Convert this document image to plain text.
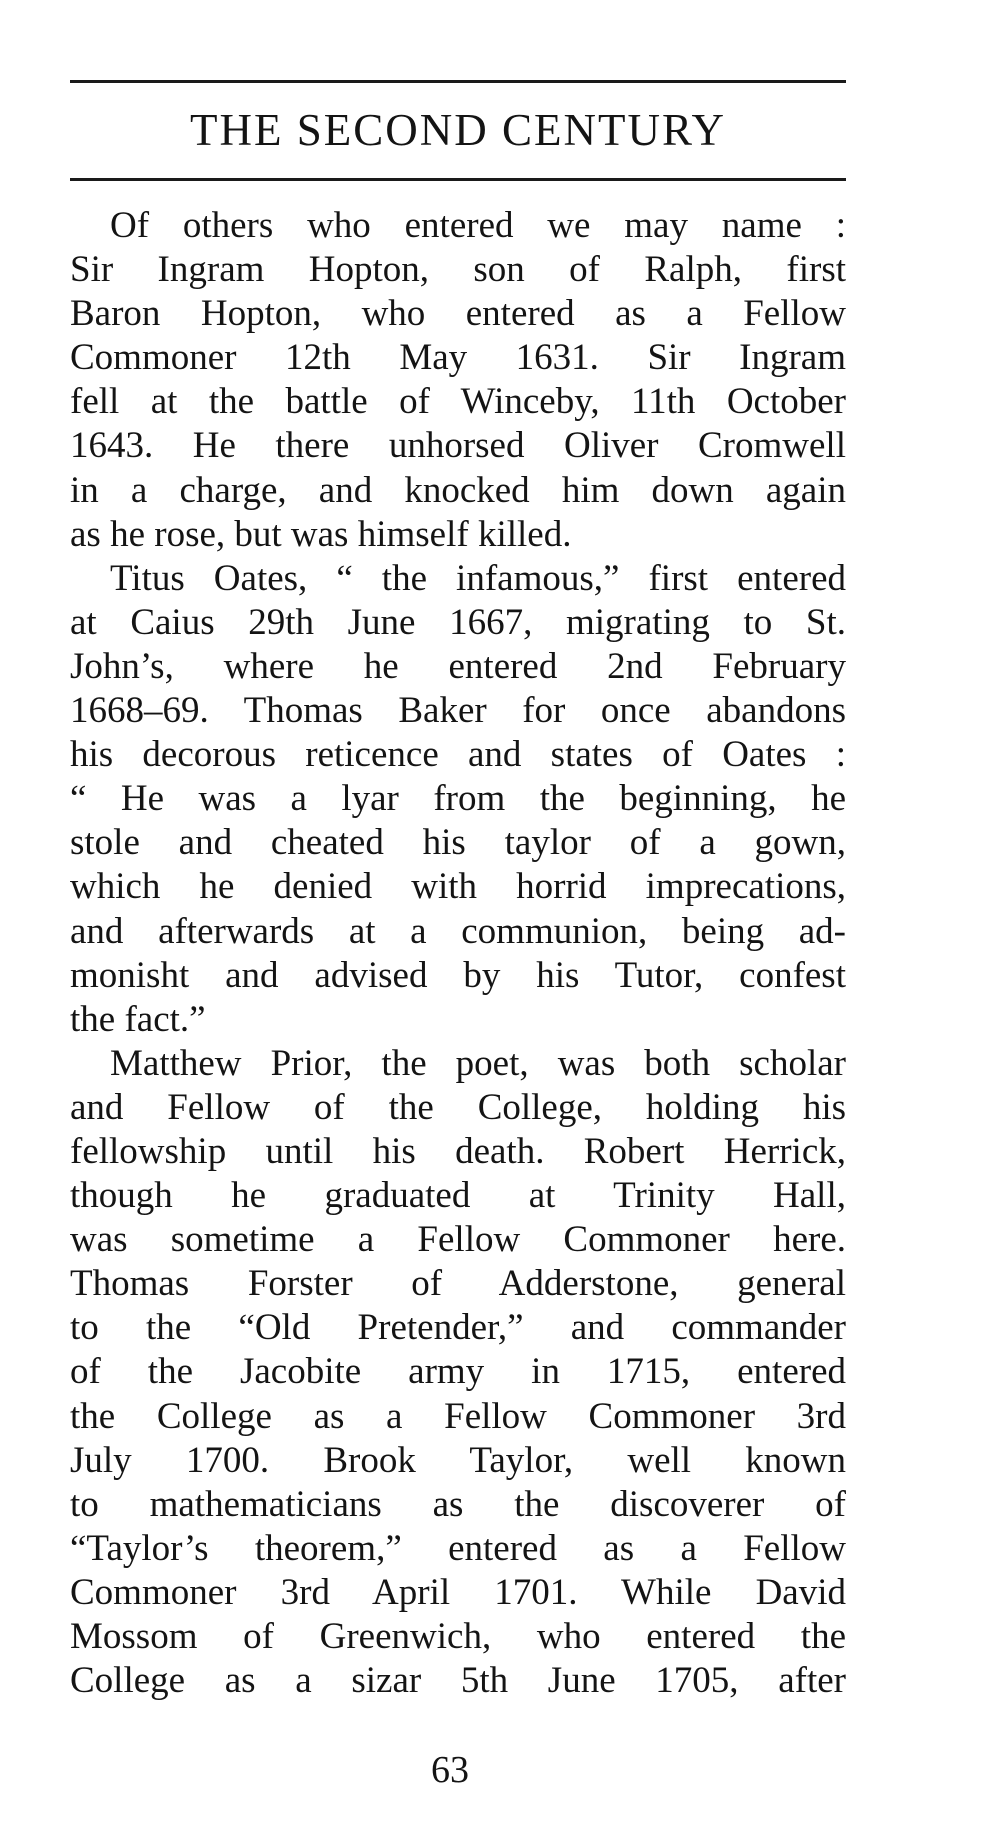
THE SECOND CENTURY
Of others who entered we may name :
Sir Ingram Hopton, son of Ralph, first
Baron Hopton, who entered as a Fellow
Commoner 12th May 1631. Sir Ingram
fell at the battle of Winceby, 11th October
1643. He there unhorsed Oliver Cromwell
in a charge, and knocked him down again
as he rose, but was himself killed.
Titus Oates, “ the infamous,” first entered
at Caius 29th June 1667, migrating to St.
John’s, where he entered 2nd February
1668–69. Thomas Baker for once abandons
his decorous reticence and states of Oates :
“ He was a lyar from the beginning, he
stole and cheated his taylor of a gown,
which he denied with horrid imprecations,
and afterwards at a communion, being ad-
monisht and advised by his Tutor, confest
the fact.”
Matthew Prior, the poet, was both scholar
and Fellow of the College, holding his
fellowship until his death. Robert Herrick,
though he graduated at Trinity Hall,
was sometime a Fellow Commoner here.
Thomas Forster of Adderstone, general
to the “Old Pretender,” and commander
of the Jacobite army in 1715, entered
the College as a Fellow Commoner 3rd
July 1700. Brook Taylor, well known
to mathematicians as the discoverer of
“Taylor’s theorem,” entered as a Fellow
Commoner 3rd April 1701. While David
Mossom of Greenwich, who entered the
College as a sizar 5th June 1705, after
63
